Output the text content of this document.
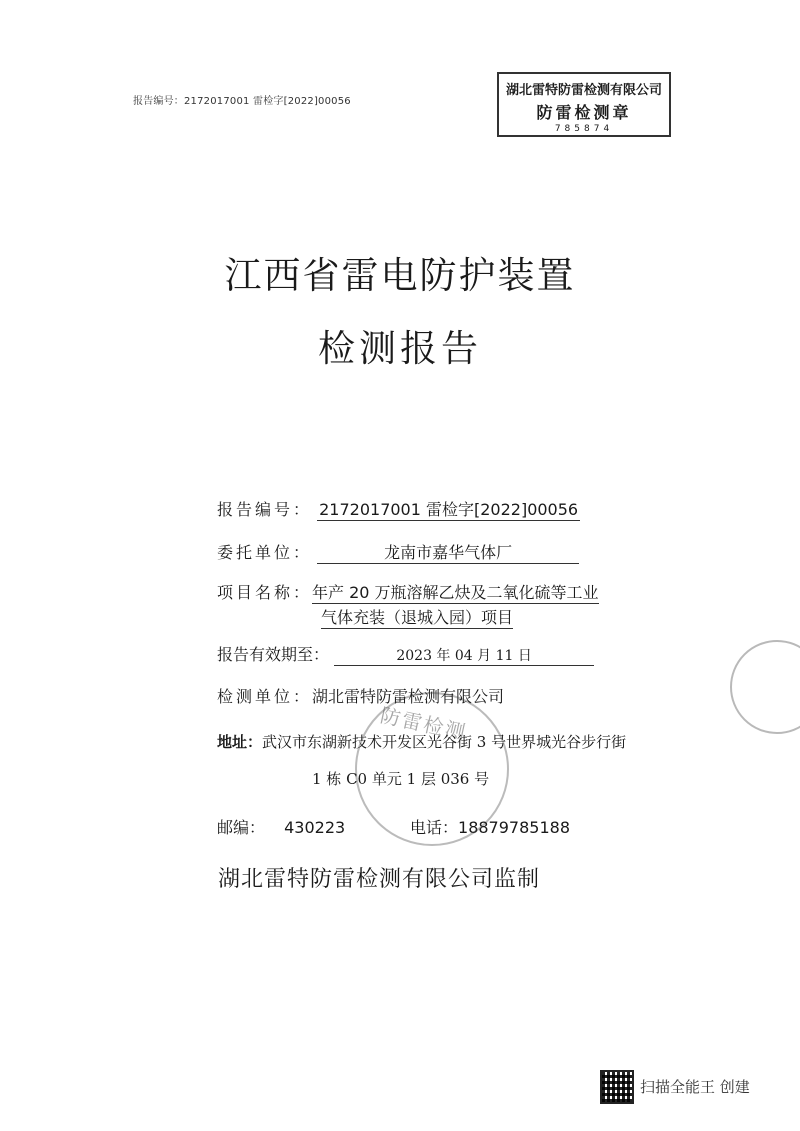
报告编号：2172017001 雷检字[2022]00056
湖北雷特防雷检测有限公司
防雷检测章
785874
江西省雷电防护装置
检测报告
报告编号： 2172017001 雷检字[2022]00056
委托单位：	龙南市嘉华气体厂
项目名称：年产 20 万瓶溶解乙炔及二氧化硫等工业
气体充装（退城入园）项目
报告有效期至：	2023 年 04 月 11 日
检测单位：湖北雷特防雷检测有限公司
地址：武汉市东湖新技术开发区光谷街 3 号世界城光谷步行街
1 栋 C0 单元 1 层 036 号
邮编： 430223	电话：18879785188
防雷检测
湖北雷特防雷检测有限公司监制
扫描全能王 创建
